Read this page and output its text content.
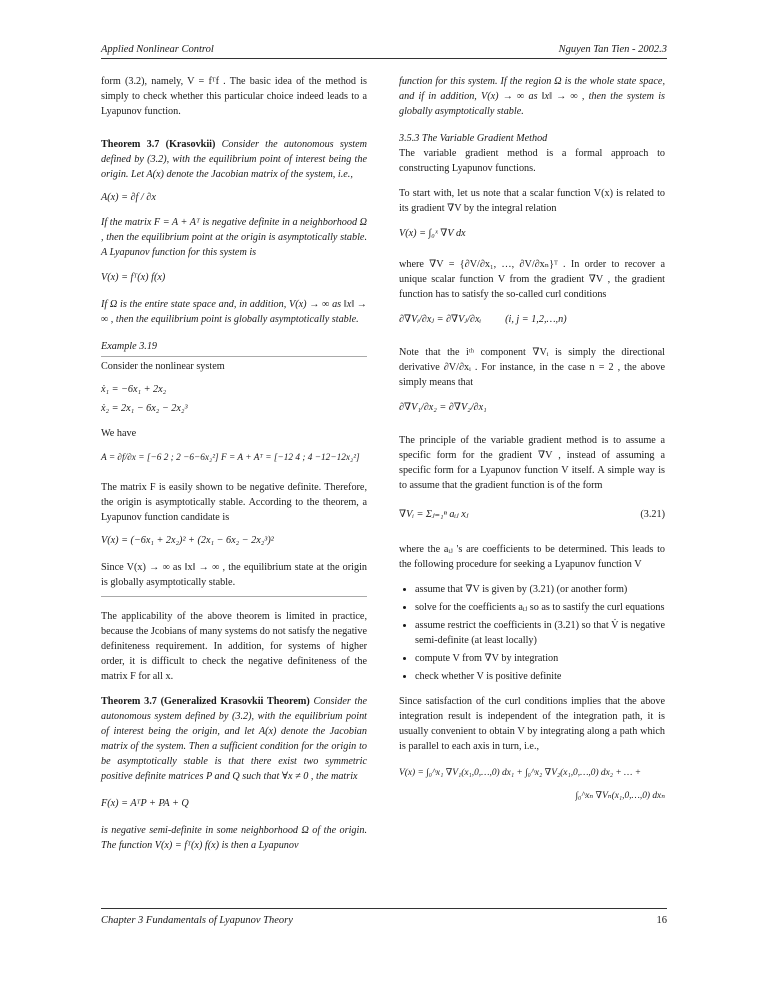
Applied Nonlinear Control	Nguyen Tan Tien - 2002.3

form (3.2), namely, V = fᵀf . The basic idea of the method is simply to check whether this particular choice indeed leads to a Lyapunov function.

Theorem 3.7 (Krasovkii) Consider the autonomous system defined by (3.2), with the equilibrium point of interest being the origin. Let A(x) denote the Jacobian matrix of the system, i.e.,

A(x) = ∂f / ∂x

If the matrix F = A + Aᵀ is negative definite in a neighborhood Ω , then the equilibrium point at the origin is asymptotically stable. A Lyapunov function for this system is

V(x) = fᵀ(x) f(x)

If Ω is the entire state space and, in addition, V(x) → ∞ as ‖x‖ → ∞ , then the equilibrium point is globally asymptotically stable.

Example 3.19

Consider the nonlinear system

ẋ₁ = −6x₁ + 2x₂
ẋ₂ = 2x₁ − 6x₂ − 2x₂³

We have

A = ∂f/∂x = [−6 2 ; 2 −6−6x₂²] F = A + Aᵀ = [−12 4 ; 4 −12−12x₂²]

The matrix F is easily shown to be negative definite. Therefore, the origin is asymptotically stable. According to the theorem, a Lyapunov function candidate is

V(x) = (−6x₁ + 2x₂)² + (2x₁ − 6x₂ − 2x₂³)²

Since V(x) → ∞ as ‖x‖ → ∞ , the equilibrium state at the origin is globally asymptotically stable.

The applicability of the above theorem is limited in practice, because the Jcobians of many systems do not satisfy the negative definiteness requirement. In addition, for systems of higher order, it is difficult to check the negative definiteness of the matrix F for all x.

Theorem 3.7 (Generalized Krasovkii Theorem) Consider the autonomous system defined by (3.2), with the equilibrium point of interest being the origin, and let A(x) denote the Jacobian matrix of the system. Then a sufficient condition for the origin to be asymptotically stable is that there exist two symmetric positive definite matrices P and Q such that ∀x ≠ 0 , the matrix

F(x) = AᵀP + PA + Q

is negative semi-definite in some neighborhood Ω of the origin. The function V(x) = fᵀ(x) f(x) is then a Lyapunov

function for this system. If the region Ω is the whole state space, and if in addition, V(x) → ∞ as ‖x‖ → ∞ , then the system is globally asymptotically stable.

3.5.3 The Variable Gradient Method

The variable gradient method is a formal approach to constructing Lyapunov functions.

To start with, let us note that a scalar function V(x) is related to its gradient ∇V by the integral relation

V(x) = ∫₀ˣ ∇V dx

where ∇V = {∂V/∂x₁, …, ∂V/∂xₙ}ᵀ . In order to recover a unique scalar function V from the gradient ∇V , the gradient function has to satisfy the so-called curl conditions

∂∇Vᵢ/∂xⱼ = ∂∇Vⱼ/∂xᵢ (i, j = 1,2,…,n)

Note that the iᵗʰ component ∇Vᵢ is simply the directional derivative ∂V/∂xᵢ . For instance, in the case n = 2 , the above simply means that

∂∇V₁/∂x₂ = ∂∇V₂/∂x₁

The principle of the variable gradient method is to assume a specific form for the gradient ∇V , instead of assuming a specific form for a Lyapunov function V itself. A simple way is to assume that the gradient function is of the form

∇Vᵢ = Σⱼ₌₁ⁿ aᵢⱼ xⱼ	(3.21)

where the aᵢⱼ 's are coefficients to be determined. This leads to the following procedure for seeking a Lyapunov function V

• assume that ∇V is given by (3.21) (or another form)
• solve for the coefficients aᵢⱼ so as to sastify the curl equations
• assume restrict the coefficients in (3.21) so that V̇ is negative semi-definite (at least locally)
• compute V from ∇V by integration
• check whether V is positive definite

Since satisfaction of the curl conditions implies that the above integration result is independent of the integration path, it is usually convenient to obtain V by integrating along a path which is parallel to each axis in turn, i.e.,

V(x) = ∫₀^x₁ ∇V₁(x₁,0,…,0) dx₁ + ∫₀^x₂ ∇V₂(x₁,0,…,0) dx₂ + … +
∫₀^xₙ ∇Vₙ(x₁,0,…,0) dxₙ
Chapter 3 Fundamentals of Lyapunov Theory	16
